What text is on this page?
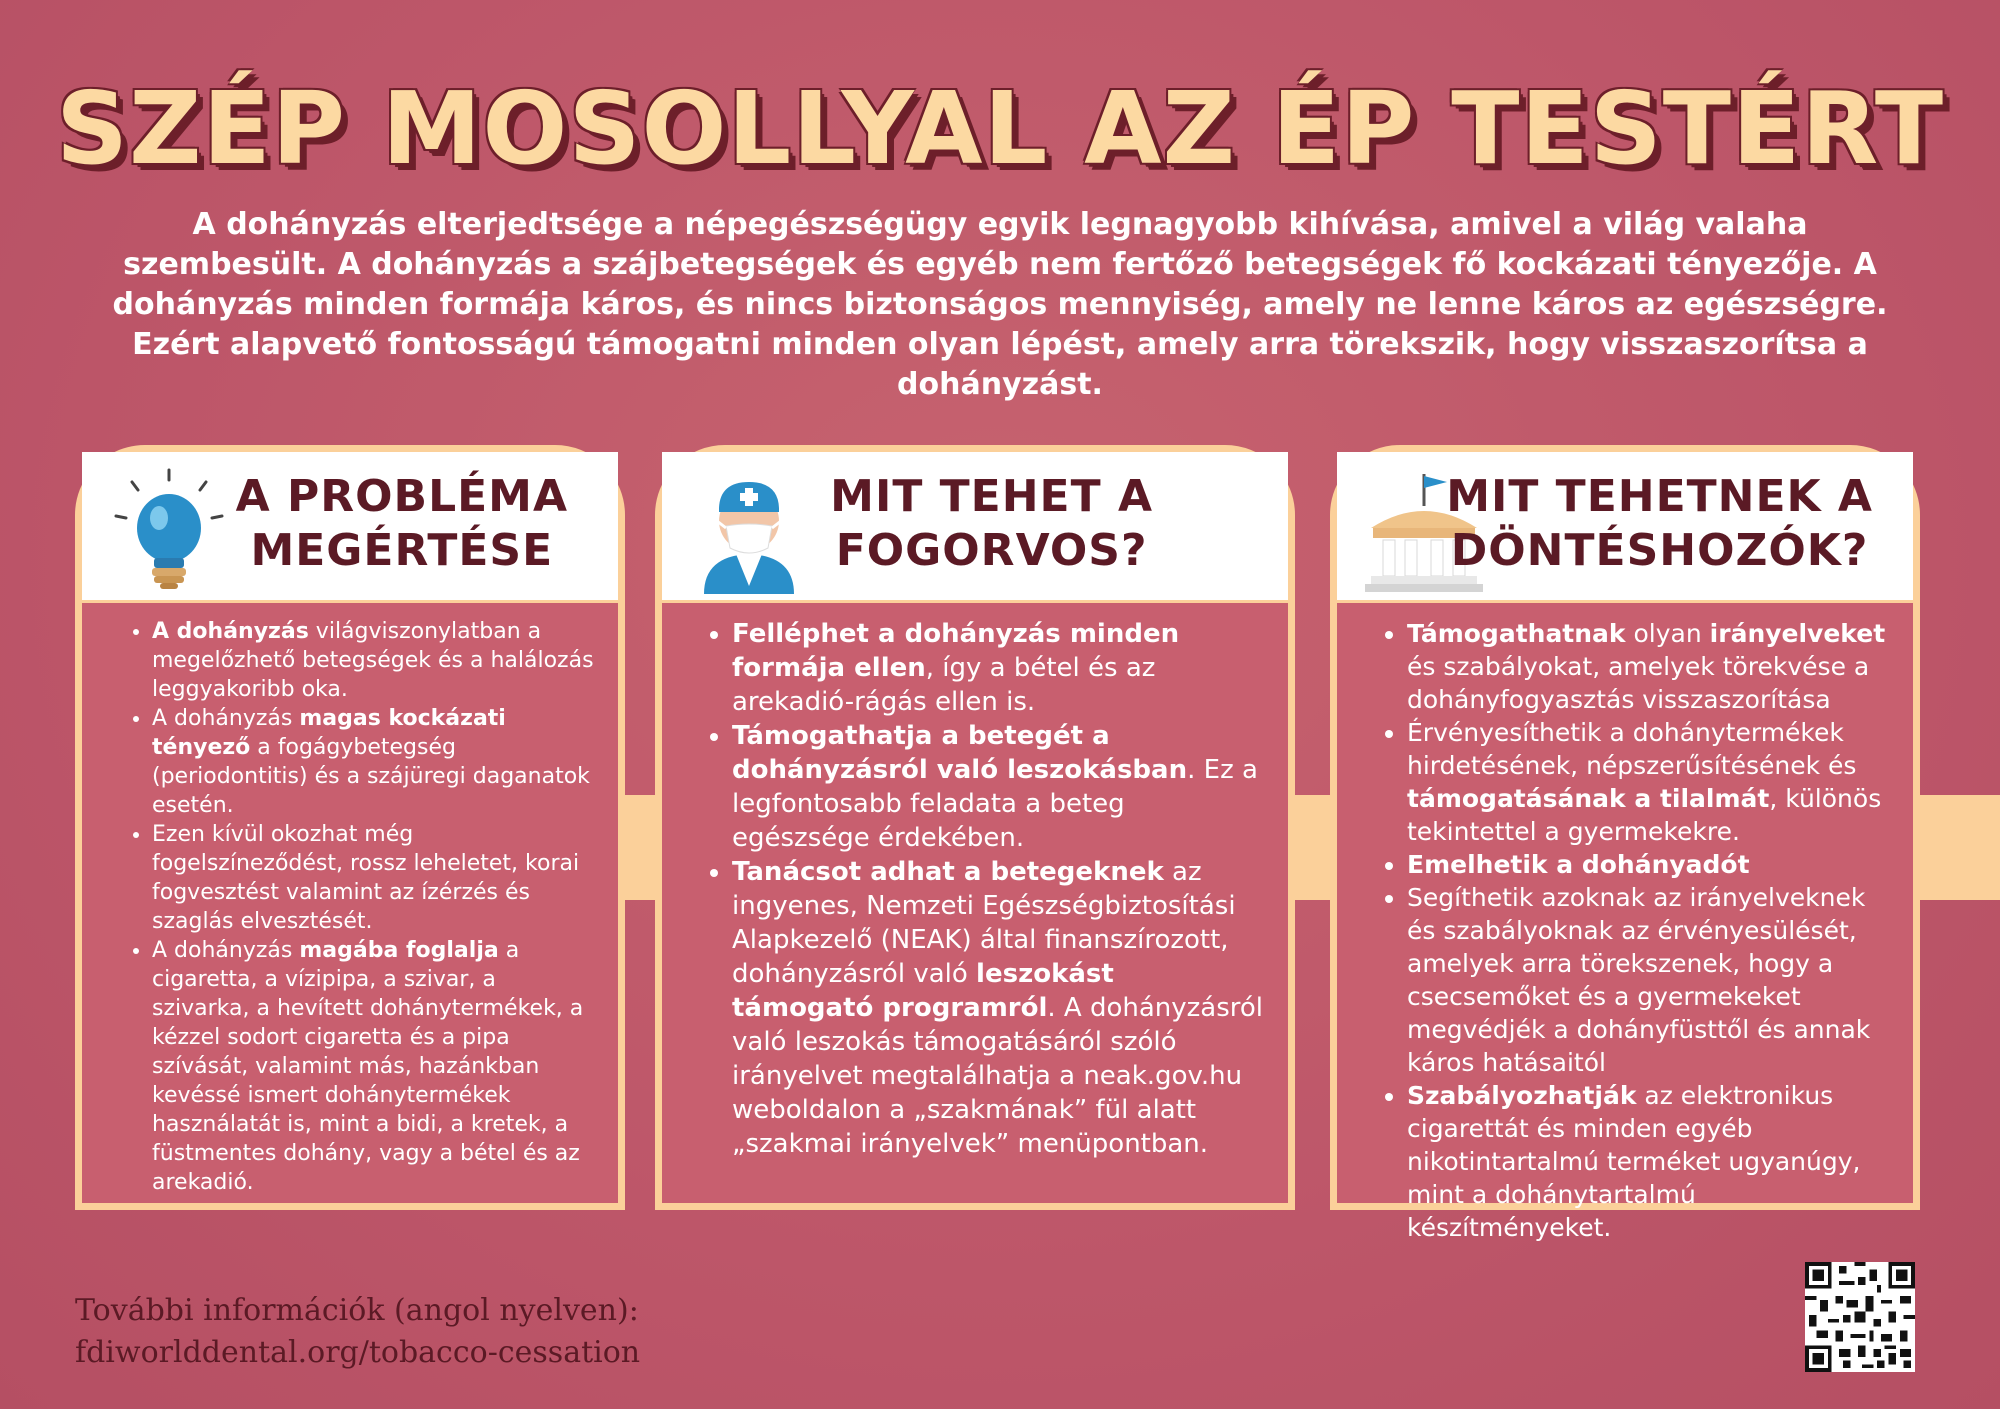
SZÉP MOSOLLYAL AZ ÉP TESTÉRT

A dohányzás elterjedtsége a népegészségügy egyik legnagyobb kihívása, amivel a világ valaha szembesült. A dohányzás a szájbetegségek és egyéb nem fertőző betegségek fő kockázati tényezője. A dohányzás minden formája káros, és nincs biztonságos mennyiség, amely ne lenne káros az egészségre. Ezért alapvető fontosságú támogatni minden olyan lépést, amely arra törekszik, hogy visszaszorítsa a dohányzást.

A PROBLÉMA
MEGÉRTÉSE
• A dohányzás világviszonylatban a megelőzhető betegségek és a halálozás leggyakoribb oka.
• A dohányzás magas kockázati tényező a fogágybetegség (periodontitis) és a szájüregi daganatok esetén.
• Ezen kívül okozhat még fogelszíneződést, rossz leheletet, korai fogvesztést valamint az ízérzés és szaglás elvesztését.
• A dohányzás magába foglalja a cigaretta, a vízipipa, a szivar, a szivarka, a hevített dohánytermékek, a kézzel sodort cigaretta és a pipa szívását, valamint más, hazánkban kevéssé ismert dohánytermékek használatát is, mint a bidi, a kretek, a füstmentes dohány, vagy a bétel és az arekadió.
MIT TEHET A
FOGORVOS?
• Felléphet a dohányzás minden formája ellen, így a bétel és az arekadió-rágás ellen is.
• Támogathatja a betegét a dohányzásról való leszokásban. Ez a legfontosabb feladata a beteg egészsége érdekében.
• Tanácsot adhat a betegeknek az ingyenes, Nemzeti Egészségbiztosítási Alapkezelő (NEAK) által finanszírozott, dohányzásról való leszokást támogató programról. A dohányzásról való leszokás támogatásáról szóló irányelvet megtalálhatja a neak.gov.hu weboldalon a „szakmának” fül alatt „szakmai irányelvek” menüpontban.
MIT TEHETNEK A
DÖNTÉSHOZÓK?
• Támogathatnak olyan irányelveket és szabályokat, amelyek törekvése a dohányfogyasztás visszaszorítása
• Érvényesíthetik a dohánytermékek hirdetésének, népszerűsítésének és támogatásának a tilalmát, különös tekintettel a gyermekekre.
• Emelhetik a dohányadót
• Segíthetik azoknak az irányelveknek és szabályoknak az érvényesülését, amelyek arra törekszenek, hogy a csecsemőket és a gyermekeket megvédjék a dohányfüsttől és annak káros hatásaitól
• Szabályozhatják az elektronikus cigarettát és minden egyéb nikotintartalmú terméket ugyanúgy, mint a dohánytartalmú készítményeket.
További információk (angol nyelven):
fdiworlddental.org/tobacco-cessation
